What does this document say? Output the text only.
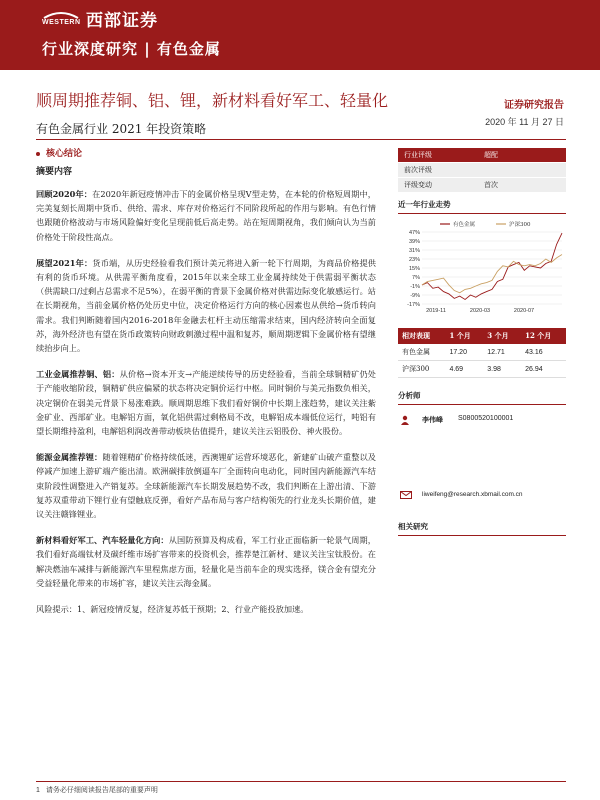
WESTERN 西部证券
行业深度研究 | 有色金属
顺周期推荐铜、铝、锂，新材料看好军工、轻量化	证券研究报告
2020 年 11 月 27 日
有色金属行业 2021 年投资策略
核心结论
摘要内容

回顾2020年：在2020年新冠疫情冲击下的金属价格呈现V型走势，在本轮的价格短周期中，完美复刻长周期中货币、供给、需求、库存对价格运行不同阶段所起的作用与影响。有色行情也跟随价格波动与市场风险偏好变化呈现前低后高走势。站在短周期视角，我们倾向认为当前价格处于阶段性高点。

展望2021年：货币端，从历史经验看我们预计美元将进入新一轮下行周期，为商品价格提供有利的货币环境。从供需平衡角度看，2015年以来全球工业金属持续处于供需弱平衡状态（供需缺口/过剩占总需求不足5%），在弱平衡的背景下金属价格对供需边际变化敏感运行。站在长期视角，当前金属价格仍处历史中位，决定价格运行方向的核心因素也从供给→货币转向需求。我们判断随着国内2016-2018年金融去杠杆主动压缩需求结束，国内经济转向全面复苏，海外经济也有望在货币政策转向财政刺激过程中温和复苏，顺周期逻辑下金属价格有望继续抬步向上。

工业金属推荐铜、铝：从价格→资本开支→产能逆续传导的历史经验看，当前全球铜精矿仍处于产能收缩阶段，铜精矿供应偏紧的状态将决定铜价运行中枢。同时铜价与美元指数负相关，决定铜价在弱美元背景下易涨难跌。顺周期思维下我们看好铜价中长期上涨趋势，建议关注紫金矿业、西部矿业。电解铝方面，氧化铝供需过剩格局不改，电解铝成本端低位运行，吨铝有望长期维持盈利，电解铝利润改善带动板块估值提升，建议关注云铝股份、神火股份。

能源金属推荐锂：随着锂精矿价格持续低迷，西澳锂矿运营环境恶化，新建矿山破产重整以及停减产加速上游矿端产能出清。欧洲碳排放倒逼车厂全面转向电动化，同时国内新能源汽车结束阶段性调整进入产销复苏。全球新能源汽车长期发展趋势不改，我们判断在上游出清、下游复苏双重带动下锂行业有望触底反弹，看好产品布局与客户结构领先的行业龙头长期价值，建议关注赣锋锂业。

新材料看好军工、汽车轻量化方向：从国防预算及构成看，军工行业正面临新一轮景气周期，我们看好高端钛材及碳纤维市场扩容带来的投资机会，推荐楚江新材、建议关注宝钛股份。在解决燃油车减排与新能源汽车里程焦虑方面，轻量化是当前车企的现实选择，镁合金有望充分受益轻量化带来的市场扩容，建议关注云海金属。

风险提示：1、新冠疫情反复，经济复苏低于预期；2、行业产能投放加速。

行业评级	超配
前次评级
评级变动	首次
近一年行业走势
47%
39%
31%
23%
15%
7%
-1%
-9%
-17%
2019-11	2020-03	2020-07
有色金属	沪深300
相对表现	1 个月	3 个月	12 个月
有色金属	17.20	12.71	43.16
沪深300	4.69	3.98	26.94
分析师
李伟峰 S0800520100001
liweifeng@research.xbmail.com.cn
相关研究
1 请务必仔细阅读报告尾部的重要声明
